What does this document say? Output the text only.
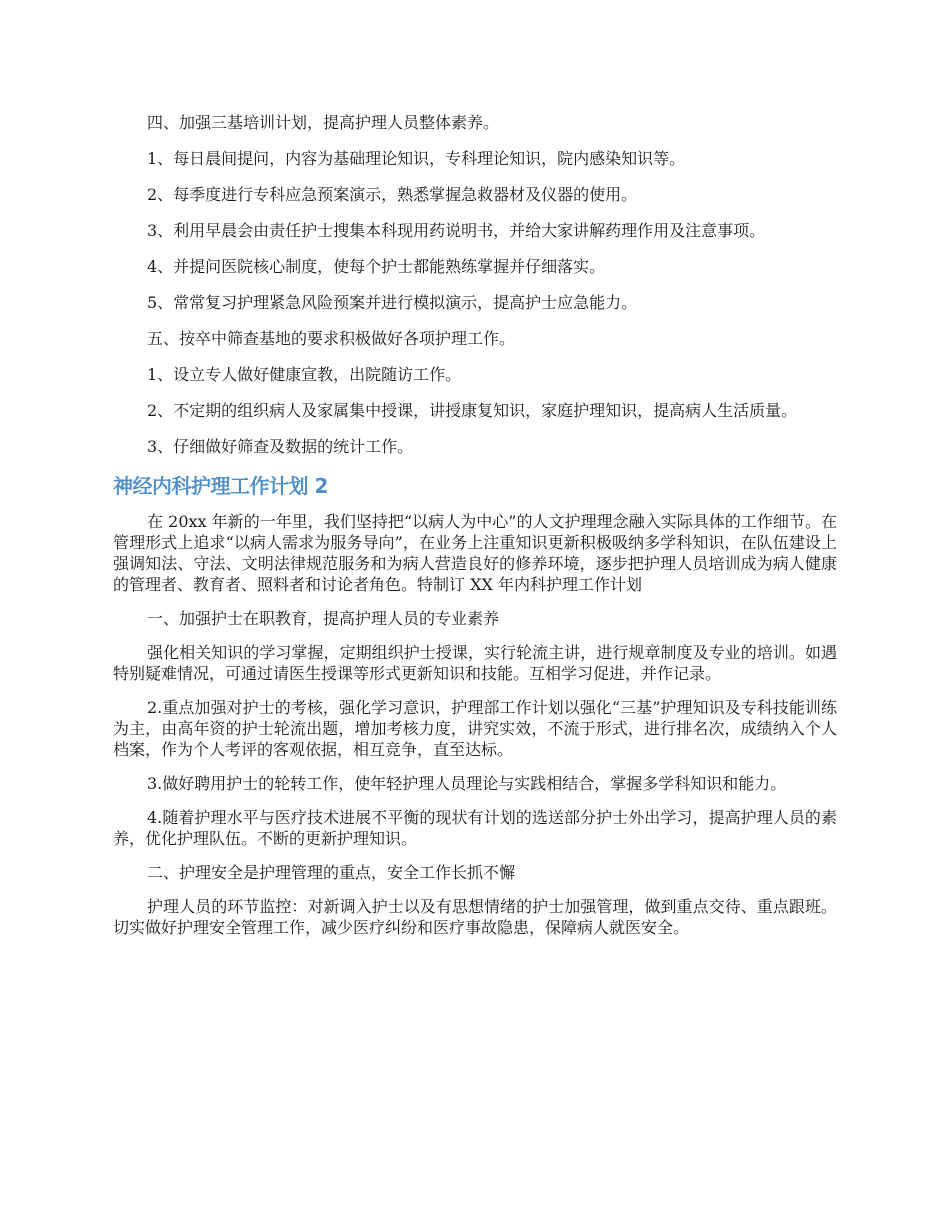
四、加强三基培训计划，提高护理人员整体素养。

1、每日晨间提问，内容为基础理论知识，专科理论知识，院内感染知识等。

2、每季度进行专科应急预案演示，熟悉掌握急救器材及仪器的使用。

3、利用早晨会由责任护士搜集本科现用药说明书，并给大家讲解药理作用及注意事项。

4、并提问医院核心制度，使每个护士都能熟练掌握并仔细落实。

5、常常复习护理紧急风险预案并进行模拟演示，提高护士应急能力。

五、按卒中筛查基地的要求积极做好各项护理工作。

1、设立专人做好健康宣教，出院随访工作。

2、不定期的组织病人及家属集中授课，讲授康复知识，家庭护理知识，提高病人生活质量。

3、仔细做好筛查及数据的统计工作。

神经内科护理工作计划 2

在 20xx 年新的一年里，我们坚持把“以病人为中心”的人文护理理念融入实际具体的工作细节。在管理形式上追求“以病人需求为服务导向”，在业务上注重知识更新积极吸纳多学科知识，在队伍建设上强调知法、守法、文明法律规范服务和为病人营造良好的修养环境，逐步把护理人员培训成为病人健康的管理者、教育者、照料者和讨论者角色。特制订 XX 年内科护理工作计划

一、加强护士在职教育，提高护理人员的专业素养

强化相关知识的学习掌握，定期组织护士授课，实行轮流主讲，进行规章制度及专业的培训。如遇特别疑难情况，可通过请医生授课等形式更新知识和技能。互相学习促进，并作记录。

2.重点加强对护士的考核，强化学习意识，护理部工作计划以强化“三基”护理知识及专科技能训练为主，由高年资的护士轮流出题，增加考核力度，讲究实效，不流于形式，进行排名次，成绩纳入个人档案，作为个人考评的客观依据，相互竞争，直至达标。

3.做好聘用护士的轮转工作，使年轻护理人员理论与实践相结合，掌握多学科知识和能力。

4.随着护理水平与医疗技术进展不平衡的现状有计划的选送部分护士外出学习，提高护理人员的素养，优化护理队伍。不断的更新护理知识。

二、护理安全是护理管理的重点，安全工作长抓不懈

护理人员的环节监控：对新调入护士以及有思想情绪的护士加强管理，做到重点交待、重点跟班。切实做好护理安全管理工作，减少医疗纠纷和医疗事故隐患，保障病人就医安全。
